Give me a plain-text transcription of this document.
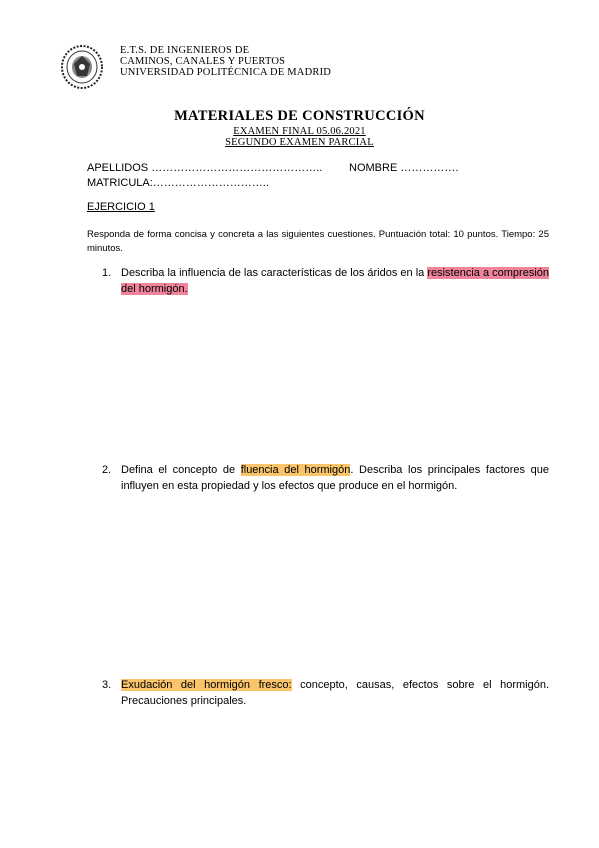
E.T.S. DE INGENIEROS DE
CAMINOS, CANALES Y PUERTOS
UNIVERSIDAD POLITÉCNICA DE MADRID
MATERIALES DE CONSTRUCCIÓN
EXAMEN FINAL 05.06.2021
SEGUNDO EXAMEN PARCIAL
APELLIDOS ……………………………………….. NOMBRE …………….
MATRICULA:…………………………..
EJERCICIO 1
Responda de forma concisa y concreta a las siguientes cuestiones. Puntuación total: 10 puntos. Tiempo: 25 minutos.
1. Describa la influencia de las características de los áridos en la resistencia a compresión del hormigón.
2. Defina el concepto de fluencia del hormigón. Describa los principales factores que influyen en esta propiedad y los efectos que produce en el hormigón.
3. Exudación del hormigón fresco: concepto, causas, efectos sobre el hormigón. Precauciones principales.
